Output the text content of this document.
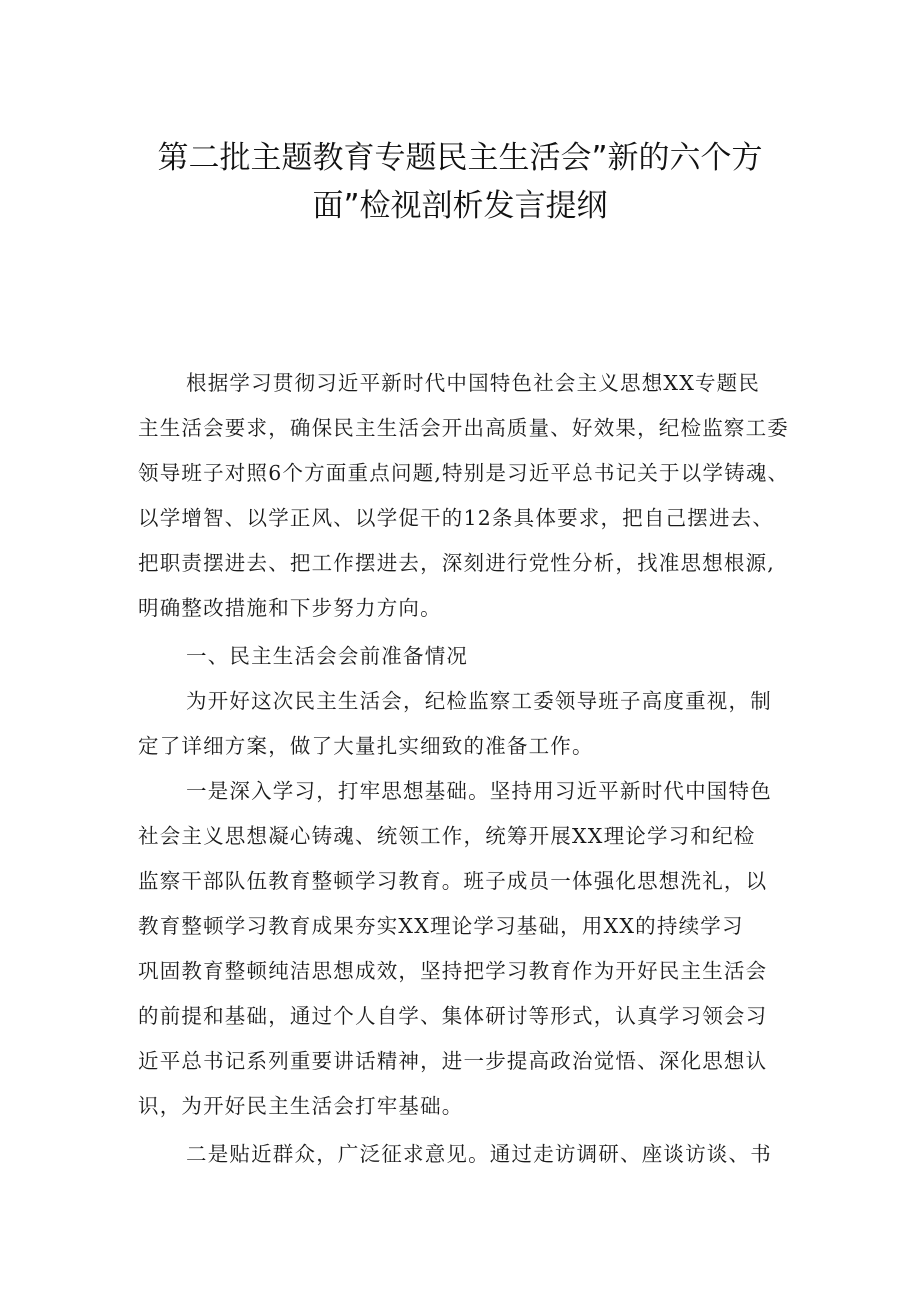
第二批主题教育专题民主生活会”新的六个方
面”检视剖析发言提纲

根据学习贯彻习近平新时代中国特色社会主义思想XX专题民

主生活会要求，确保民主生活会开出高质量、好效果，纪检监察工委

领导班子对照6个方面重点问题,特别是习近平总书记关于以学铸魂、

以学增智、以学正风、以学促干的12条具体要求，把自己摆进去、

把职责摆进去、把工作摆进去，深刻进行党性分析，找准思想根源,

明确整改措施和下步努力方向。

一、民主生活会会前准备情况

为开好这次民主生活会，纪检监察工委领导班子高度重视，制

定了详细方案，做了大量扎实细致的准备工作。

一是深入学习，打牢思想基础。坚持用习近平新时代中国特色

社会主义思想凝心铸魂、统领工作，统筹开展XX理论学习和纪检

监察干部队伍教育整顿学习教育。班子成员一体强化思想洗礼，以

教育整顿学习教育成果夯实XX理论学习基础，用XX的持续学习

巩固教育整顿纯洁思想成效，坚持把学习教育作为开好民主生活会

的前提和基础，通过个人自学、集体研讨等形式，认真学习领会习

近平总书记系列重要讲话精神，进一步提高政治觉悟、深化思想认

识，为开好民主生活会打牢基础。

二是贴近群众，广泛征求意见。通过走访调研、座谈访谈、书
